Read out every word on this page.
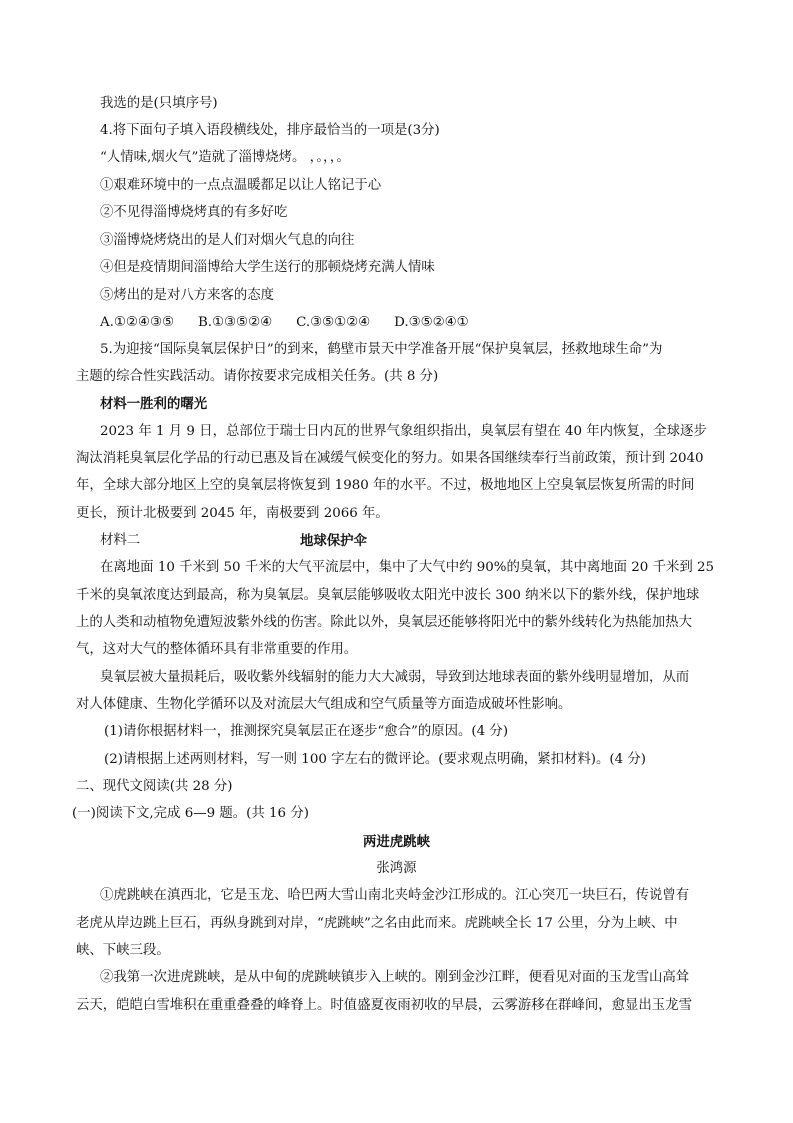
我选的是(只填序号)
4.将下面句子填入语段横线处，排序最恰当的一项是(3分)
“人情味,烟火气”造就了淄博烧烤。 ，。，，。
①艰难环境中的一点点温暖都足以让人铭记于心
②不见得淄博烧烤真的有多好吃
③淄博烧烤烧出的是人们对烟火气息的向往
④但是疫情期间淄博给大学生送行的那顿烧烤充满人情味
⑤烤出的是对八方来客的态度
A.①②④③⑤ B.①③⑤②④ C.③⑤①②④ D.③⑤②④①
5.为迎接“国际臭氧层保护日”的到来，鹤壁市景天中学准备开展“保护臭氧层，拯救地球生命”为
主题的综合性实践活动。请你按要求完成相关任务。(共 8 分)
材料一胜利的曙光
2023 年 1 月 9 日，总部位于瑞士日内瓦的世界气象组织指出，臭氧层有望在 40 年内恢复，全球逐步
淘汰消耗臭氧层化学品的行动已惠及旨在减缓气候变化的努力。如果各国继续奉行当前政策，预计到 2040
年，全球大部分地区上空的臭氧层将恢复到 1980 年的水平。不过，极地地区上空臭氧层恢复所需的时间
更长，预计北极要到 2045 年，南极要到 2066 年。
材料二	地球保护伞
在离地面 10 千米到 50 千米的大气平流层中，集中了大气中约 90%的臭氧，其中离地面 20 千米到 25
千米的臭氧浓度达到最高，称为臭氧层。臭氧层能够吸收太阳光中波长 300 纳米以下的紫外线，保护地球
上的人类和动植物免遭短波紫外线的伤害。除此以外，臭氧层还能够将阳光中的紫外线转化为热能加热大
气，这对大气的整体循环具有非常重要的作用。
臭氧层被大量损耗后，吸收紫外线辐射的能力大大减弱，导致到达地球表面的紫外线明显增加，从而
对人体健康、生物化学循环以及对流层大气组成和空气质量等方面造成破坏性影响。
(1)请你根据材料一，推测探究臭氧层正在逐步“愈合”的原因。(4 分)
(2)请根据上述两则材料，写一则 100 字左右的微评论。(要求观点明确，紧扣材料)。(4 分)
二、现代文阅读(共 28 分)
(一)阅读下文,完成 6—9 题。(共 16 分)
两进虎跳峡
张鸿源
①虎跳峡在滇西北，它是玉龙、哈巴两大雪山南北夹峙金沙江形成的。江心突兀一块巨石，传说曾有
老虎从岸边跳上巨石，再纵身跳到对岸，“虎跳峡”之名由此而来。虎跳峡全长 17 公里，分为上峡、中
峡、下峡三段。
②我第一次进虎跳峡，是从中甸的虎跳峡镇步入上峡的。刚到金沙江畔，便看见对面的玉龙雪山高耸
云天，皑皑白雪堆积在重重叠叠的峰脊上。时值盛夏夜雨初收的早晨，云雾游移在群峰间，愈显出玉龙雪
